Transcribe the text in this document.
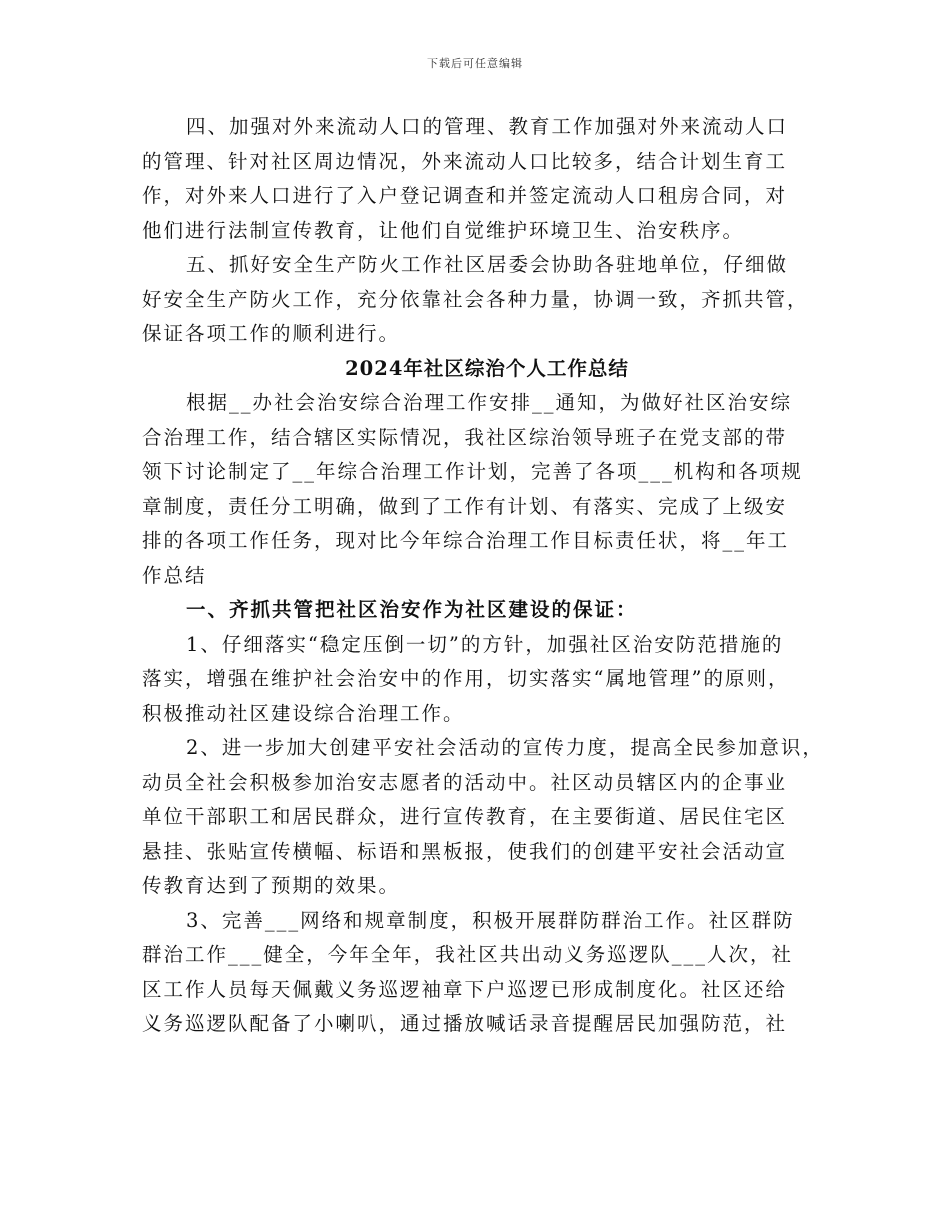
下载后可任意编辑
四、加强对外来流动人口的管理、教育工作加强对外来流动人口
的管理、针对社区周边情况，外来流动人口比较多，结合计划生育工
作，对外来人口进行了入户登记调查和并签定流动人口租房合同，对
他们进行法制宣传教育，让他们自觉维护环境卫生、治安秩序。
五、抓好安全生产防火工作社区居委会协助各驻地单位，仔细做
好安全生产防火工作，充分依靠社会各种力量，协调一致，齐抓共管，
保证各项工作的顺利进行。
2024年社区综治个人工作总结
根据__办社会治安综合治理工作安排__通知，为做好社区治安综
合治理工作，结合辖区实际情况，我社区综治领导班子在党支部的带
领下讨论制定了__年综合治理工作计划，完善了各项___机构和各项规
章制度，责任分工明确，做到了工作有计划、有落实、完成了上级安
排的各项工作任务，现对比今年综合治理工作目标责任状，将__年工
作总结
一、齐抓共管把社区治安作为社区建设的保证：
1、仔细落实“稳定压倒一切”的方针，加强社区治安防范措施的
落实，增强在维护社会治安中的作用，切实落实“属地管理”的原则，
积极推动社区建设综合治理工作。
2、进一步加大创建平安社会活动的宣传力度，提高全民参加意识，
动员全社会积极参加治安志愿者的活动中。社区动员辖区内的企事业
单位干部职工和居民群众，进行宣传教育，在主要街道、居民住宅区
悬挂、张贴宣传横幅、标语和黑板报，使我们的创建平安社会活动宣
传教育达到了预期的效果。
3、完善___网络和规章制度，积极开展群防群治工作。社区群防
群治工作___健全，今年全年，我社区共出动义务巡逻队___人次，社
区工作人员每天佩戴义务巡逻袖章下户巡逻已形成制度化。社区还给
义务巡逻队配备了小喇叭，通过播放喊话录音提醒居民加强防范，社
